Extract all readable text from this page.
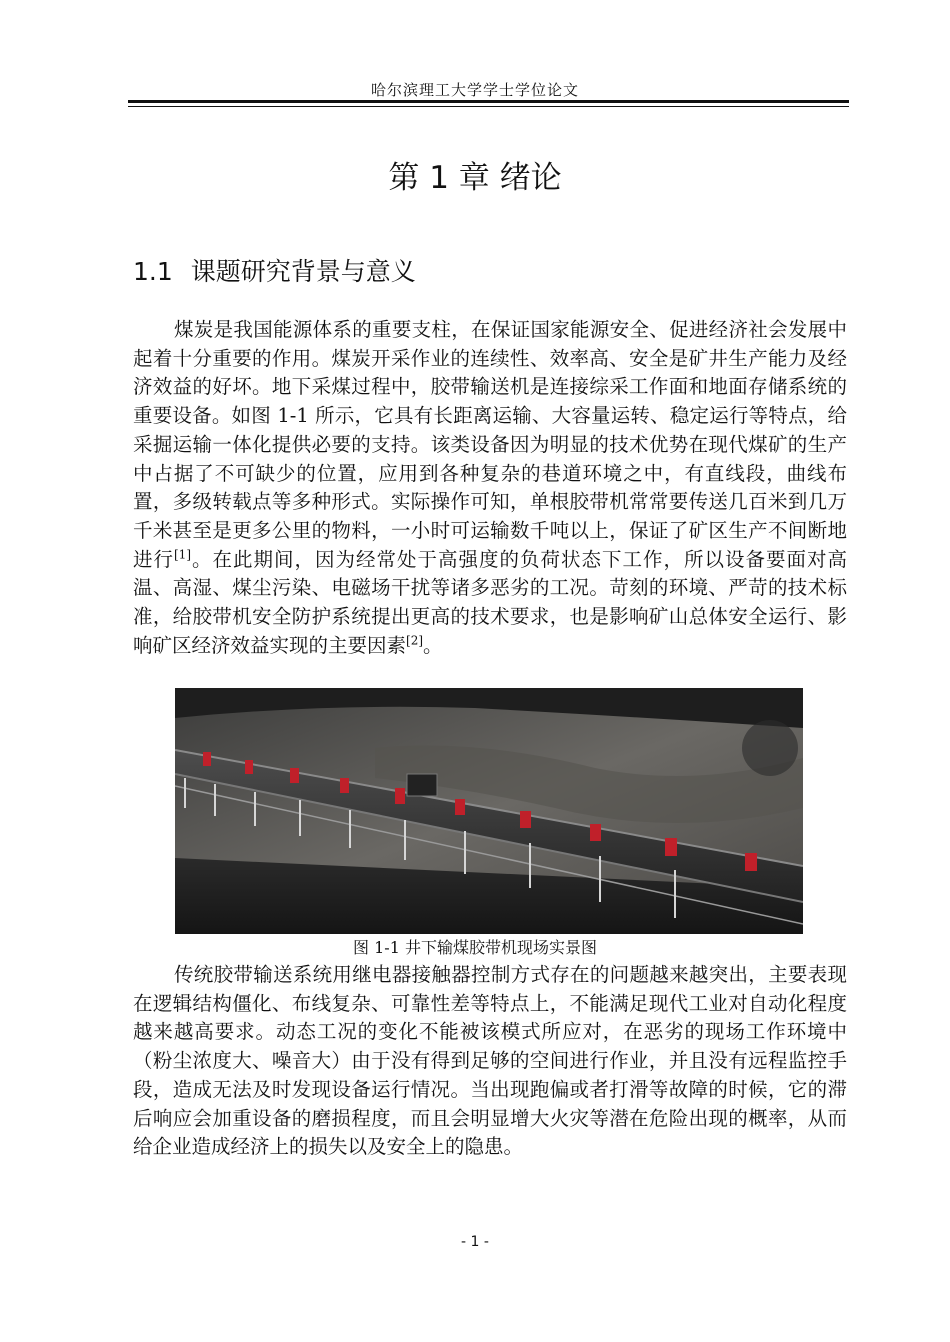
哈尔滨理工大学学士学位论文
第 1 章 绪论
1.1 课题研究背景与意义

煤炭是我国能源体系的重要支柱，在保证国家能源安全、促进经济社会发展中起着十分重要的作用。煤炭开采作业的连续性、效率高、安全是矿井生产能力及经济效益的好坏。地下采煤过程中，胶带输送机是连接综采工作面和地面存储系统的重要设备。如图 1-1 所示，它具有长距离运输、大容量运转、稳定运行等特点，给采掘运输一体化提供必要的支持。该类设备因为明显的技术优势在现代煤矿的生产中占据了不可缺少的位置，应用到各种复杂的巷道环境之中，有直线段，曲线布置，多级转载点等多种形式。实际操作可知，单根胶带机常常要传送几百米到几万千米甚至是更多公里的物料，一小时可运输数千吨以上，保证了矿区生产不间断地进行[1]。在此期间，因为经常处于高强度的负荷状态下工作，所以设备要面对高温、高湿、煤尘污染、电磁场干扰等诸多恶劣的工况。苛刻的环境、严苛的技术标准，给胶带机安全防护系统提出更高的技术要求，也是影响矿山总体安全运行、影响矿区经济效益实现的主要因素[2]。

图 1-1 井下输煤胶带机现场实景图

传统胶带输送系统用继电器接触器控制方式存在的问题越来越突出，主要表现在逻辑结构僵化、布线复杂、可靠性差等特点上，不能满足现代工业对自动化程度越来越高要求。动态工况的变化不能被该模式所应对，在恶劣的现场工作环境中（粉尘浓度大、噪音大）由于没有得到足够的空间进行作业，并且没有远程监控手段，造成无法及时发现设备运行情况。当出现跑偏或者打滑等故障的时候，它的滞后响应会加重设备的磨损程度，而且会明显增大火灾等潜在危险出现的概率，从而给企业造成经济上的损失以及安全上的隐患。

- 1 -
